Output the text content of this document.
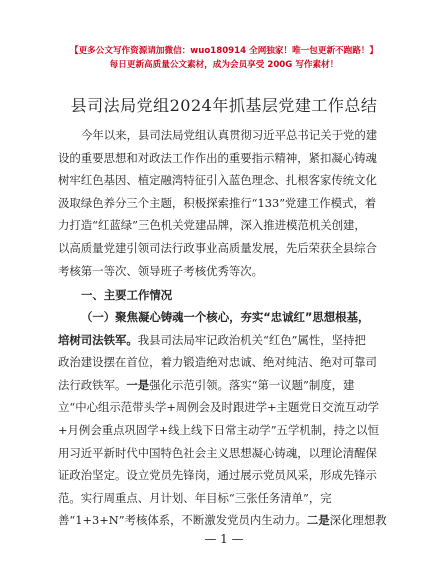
【更多公文写作资源请加微信：wuo180914 全网独家！唯一包更新不跑路！】
每日更新高质量公文素材，成为会员享受 200G 写作素材！
县司法局党组2024年抓基层党建工作总结
今年以来，县司法局党组认真贯彻习近平总书记关于党的建
设的重要思想和对政法工作作出的重要指示精神，紧扣凝心铸魂
树牢红色基因、植定融湾特征引入蓝色理念、扎根客家传统文化
汲取绿色养分三个主题，积极探索推行“133”党建工作模式，着
力打造“红蓝绿”三色机关党建品牌，深入推进模范机关创建，
以高质量党建引领司法行政事业高质量发展，先后荣获全县综合
考核第一等次、领导班子考核优秀等次。
一、主要工作情况
（一）聚焦凝心铸魂一个核心，夯实“忠诚红”思想根基，
培树司法铁军。我县司法局牢记政治机关“红色”属性，坚持把
政治建设摆在首位，着力锻造绝对忠诚、绝对纯洁、绝对可靠司
法行政铁军。一是强化示范引领。落实“第一议题”制度，建
立“中心组示范带头学+周例会及时跟进学+主题党日交流互动学
+月例会重点巩固学+线上线下日常主动学”五学机制，持之以恒
用习近平新时代中国特色社会主义思想凝心铸魂，以理论清醒保
证政治坚定。设立党员先锋岗，通过展示党员风采，形成先锋示
范。实行周重点、月计划、年目标“三张任务清单”，完
善“1+3+N”考核体系，不断激发党员内生动力。二是深化理想教
— 1 —
